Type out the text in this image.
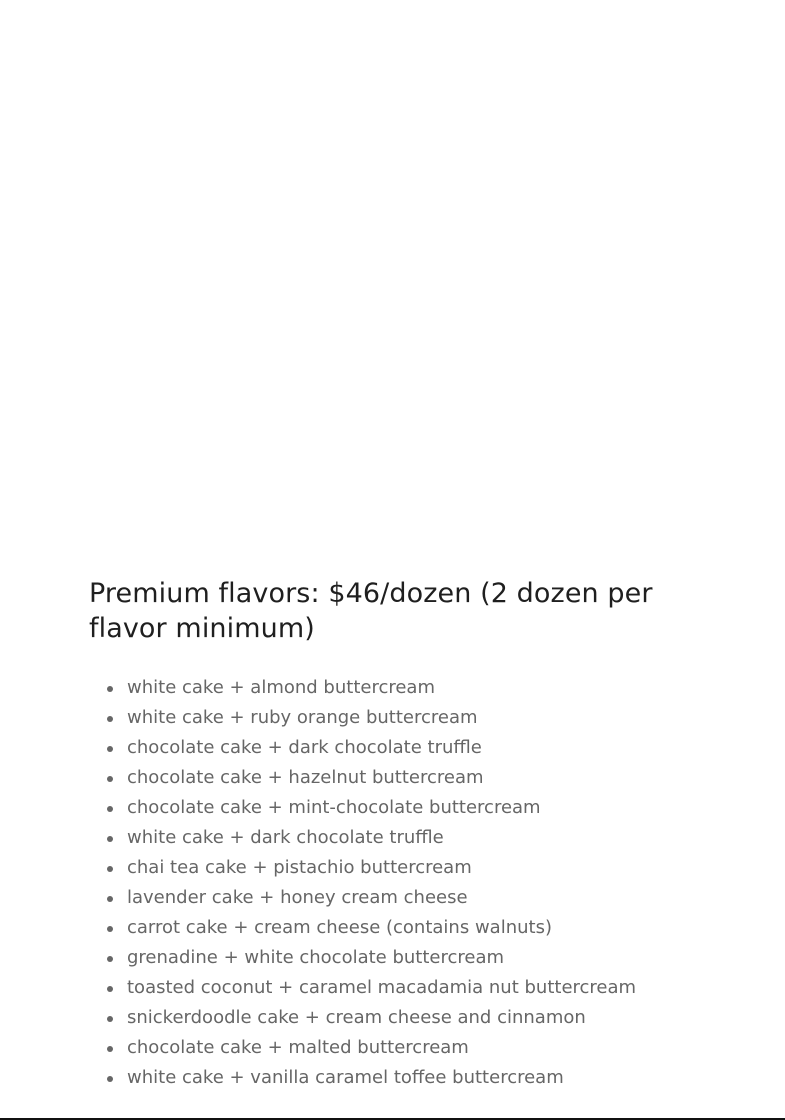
Premium flavors: $46/dozen (2 dozen per flavor minimum)
white cake + almond buttercream
white cake + ruby orange buttercream
chocolate cake + dark chocolate truffle
chocolate cake + hazelnut buttercream
chocolate cake + mint-chocolate buttercream
white cake + dark chocolate truffle
chai tea cake + pistachio buttercream
lavender cake + honey cream cheese
carrot cake + cream cheese (contains walnuts)
grenadine + white chocolate buttercream
toasted coconut + caramel macadamia nut buttercream
snickerdoodle cake + cream cheese and cinnamon
chocolate cake + malted buttercream
white cake + vanilla caramel toffee buttercream
